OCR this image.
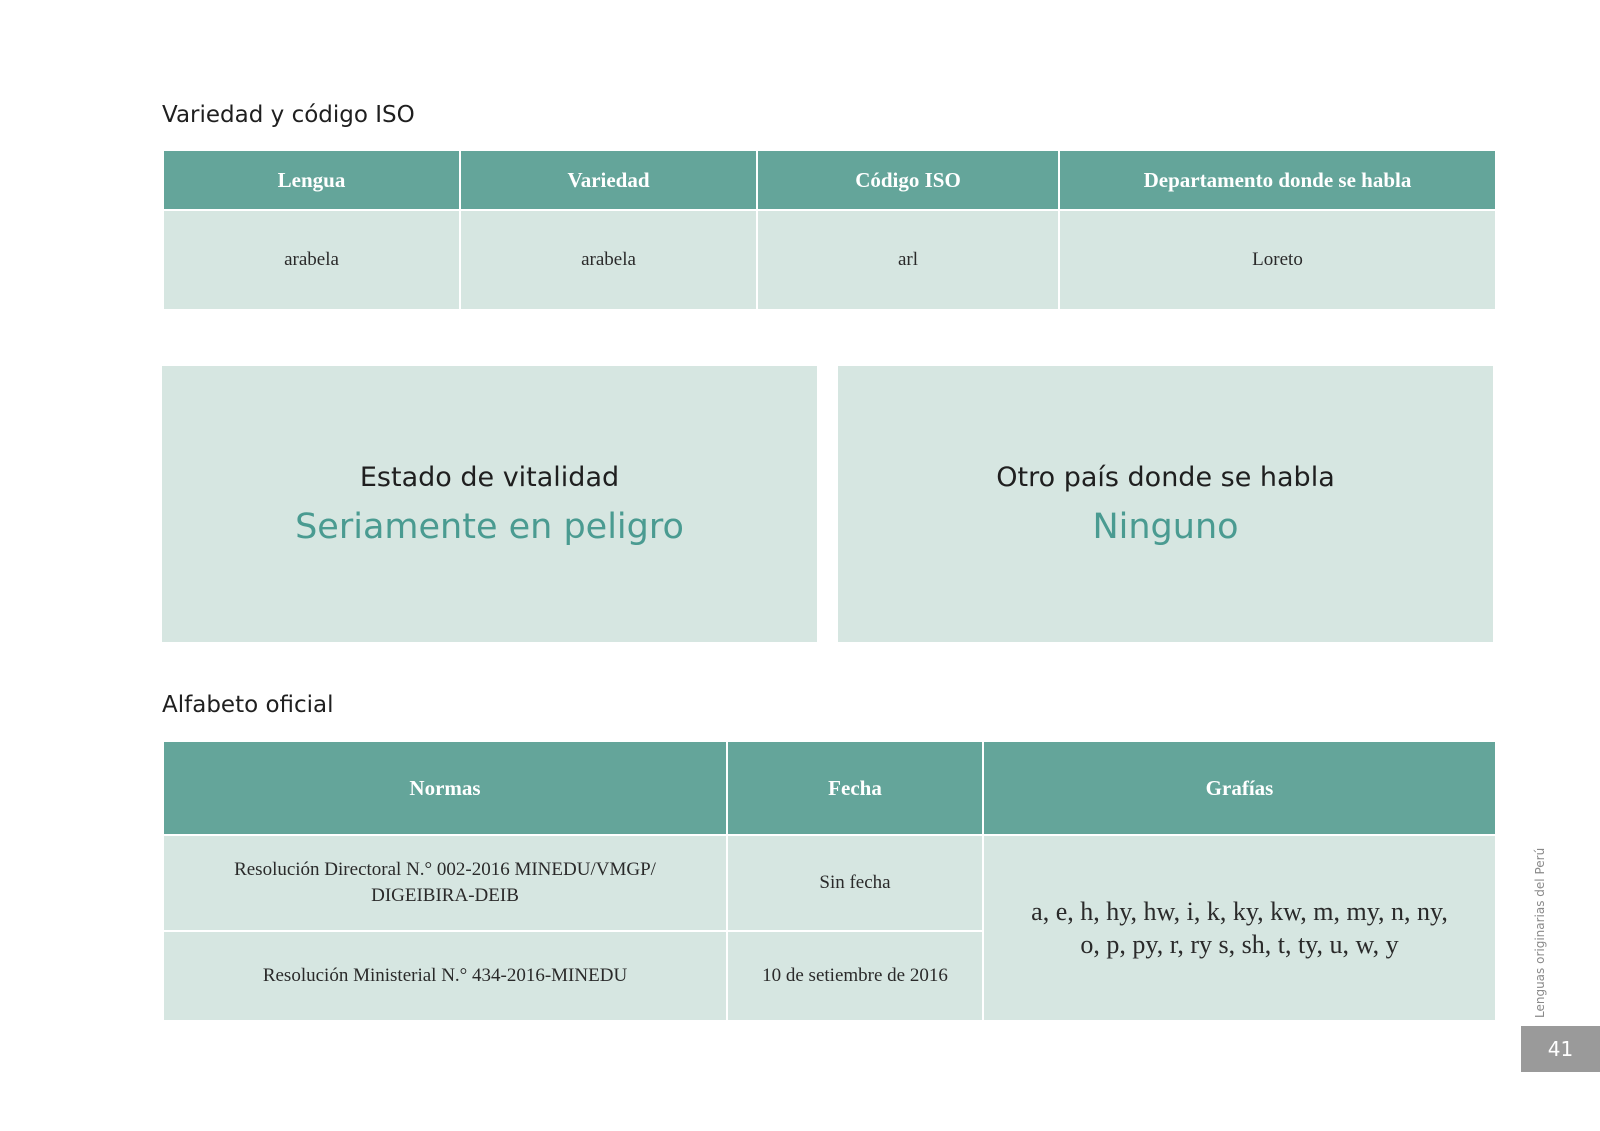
Variedad y código ISO
Lengua	Variedad	Código ISO	Departamento donde se habla
arabela	arabela	arl	Loreto
Estado de vitalidad
Seriamente en peligro
Otro país donde se habla
Ninguno
Alfabeto oficial
Normas	Fecha	Grafías
Resolución Directoral N.° 002-2016 MINEDU/VMGP/ DIGEIBIRA-DEIB	Sin fecha	a, e, h, hy, hw, i, k, ky, kw, m, my, n, ny, o, p, py, r, ry s, sh, t, ty, u, w, y
Resolución Ministerial N.° 434-2016-MINEDU	10 de setiembre de 2016		Lenguas originarias del Perú
41
